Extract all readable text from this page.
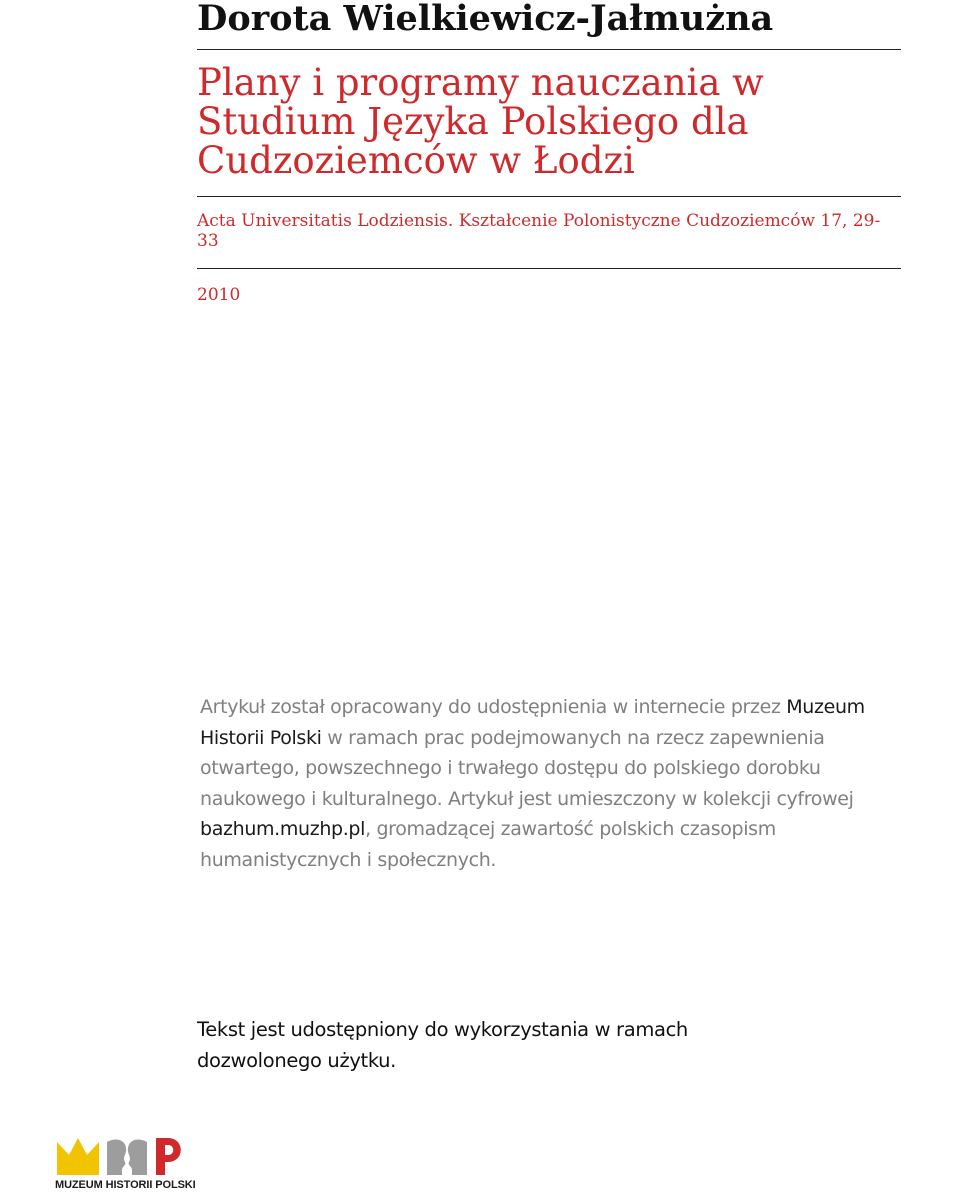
Dorota Wielkiewicz-Jałmużna
Plany i programy nauczania w Studium Języka Polskiego dla Cudzoziemców w Łodzi

Acta Universitatis Lodziensis. Kształcenie Polonistyczne Cudzoziemców 17, 29-33

2010

Artykuł został opracowany do udostępnienia w internecie przez Muzeum Historii Polski w ramach prac podejmowanych na rzecz zapewnienia otwartego, powszechnego i trwałego dostępu do polskiego dorobku naukowego i kulturalnego. Artykuł jest umieszczony w kolekcji cyfrowej bazhum.muzhp.pl, gromadzącej zawartość polskich czasopism humanistycznych i społecznych.

Tekst jest udostępniony do wykorzystania w ramach dozwolonego użytku.

MUZEUM HISTORII POLSKI
